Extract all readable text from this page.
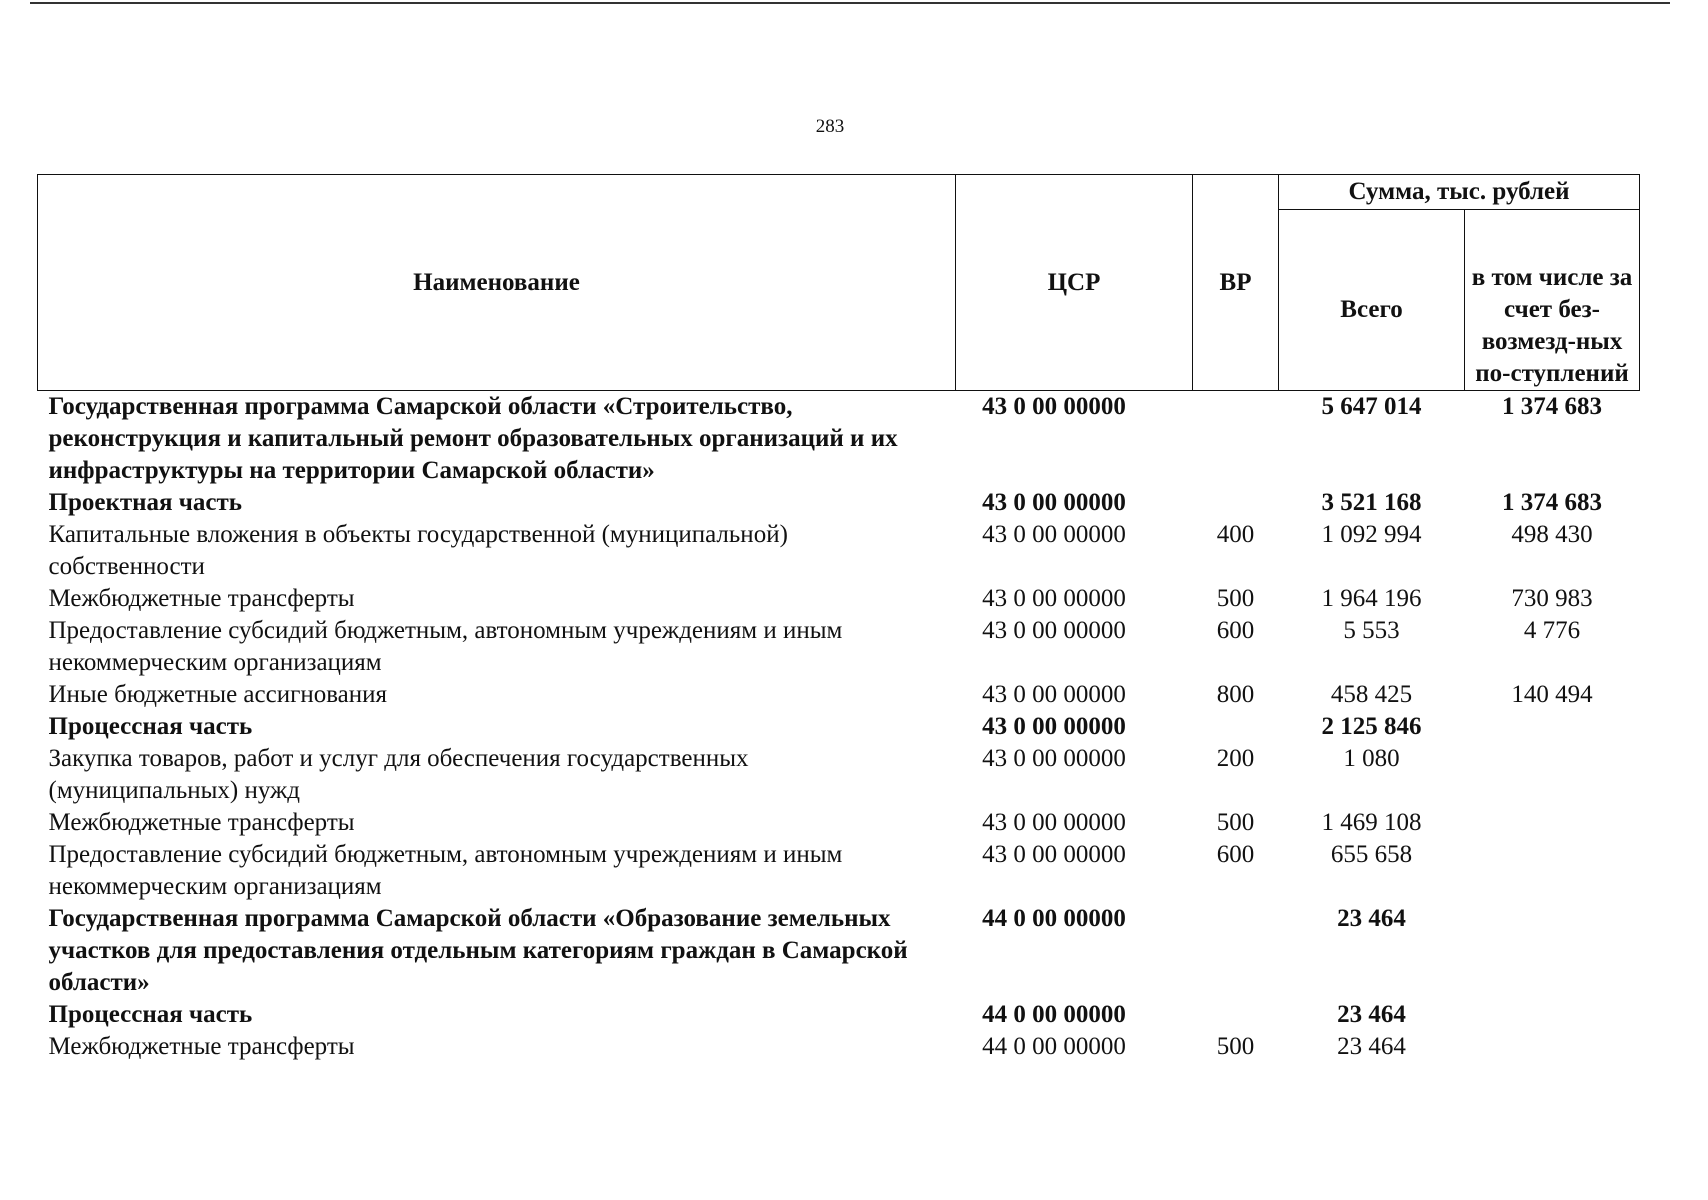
283
Наименование	ЦСР	ВР	Сумма, тыс. рублей	
			Всего	в том числе за счет без-возмезд-ных по-ступлений
Государственная программа Самарской области «Строительство, реконструкция и капитальный ремонт образовательных организаций и их инфраструктуры на территории Самарской области»	43 0 00 00000		5 647 014	1 374 683
Проектная часть	43 0 00 00000		3 521 168	1 374 683
Капитальные вложения в объекты государственной (муниципальной) собственности	43 0 00 00000	400	1 092 994	498 430
Межбюджетные трансферты	43 0 00 00000	500	1 964 196	730 983
Предоставление субсидий бюджетным, автономным учреждениям и иным некоммерческим организациям	43 0 00 00000	600	5 553	4 776
Иные бюджетные ассигнования	43 0 00 00000	800	458 425	140 494
Процессная часть	43 0 00 00000		2 125 846	
Закупка товаров, работ и услуг для обеспечения государственных (муниципальных) нужд	43 0 00 00000	200	1 080	
Межбюджетные трансферты	43 0 00 00000	500	1 469 108	
Предоставление субсидий бюджетным, автономным учреждениям и иным некоммерческим организациям	43 0 00 00000	600	655 658	
Государственная программа Самарской области «Образование земельных участков для предоставления отдельным категориям граждан в Самарской области»	44 0 00 00000		23 464	
Процессная часть	44 0 00 00000		23 464	
Межбюджетные трансферты	44 0 00 00000	500	23 464	
